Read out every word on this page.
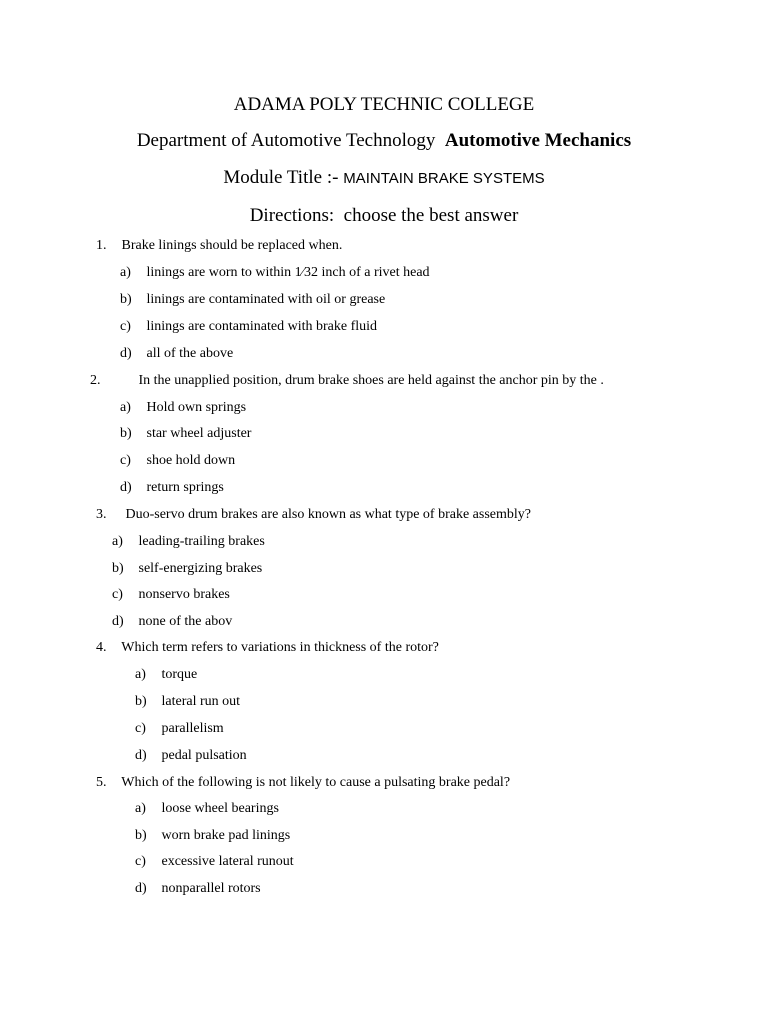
ADAMA POLY TECHNIC COLLEGE
Department of Automotive Technology Automotive Mechanics
Module Title :- MAINTAIN BRAKE SYSTEMS
Directions: choose the best answer
1. Brake linings should be replaced when.
a) linings are worn to within 1⁄32 inch of a rivet head
b) linings are contaminated with oil or grease
c) linings are contaminated with brake fluid
d) all of the above
2.	In the unapplied position, drum brake shoes are held against the anchor pin by the .
a) Hold own springs
b) star wheel adjuster
c) shoe hold down
d) return springs
3. Duo-servo drum brakes are also known as what type of brake assembly?
a) leading-trailing brakes
b) self-energizing brakes
c) nonservo brakes
d) none of the abov
4. Which term refers to variations in thickness of the rotor?
a) torque
b) lateral run out
c) parallelism
d) pedal pulsation
5. Which of the following is not likely to cause a pulsating brake pedal?
a) loose wheel bearings
b) worn brake pad linings
c) excessive lateral runout
d) nonparallel rotors
